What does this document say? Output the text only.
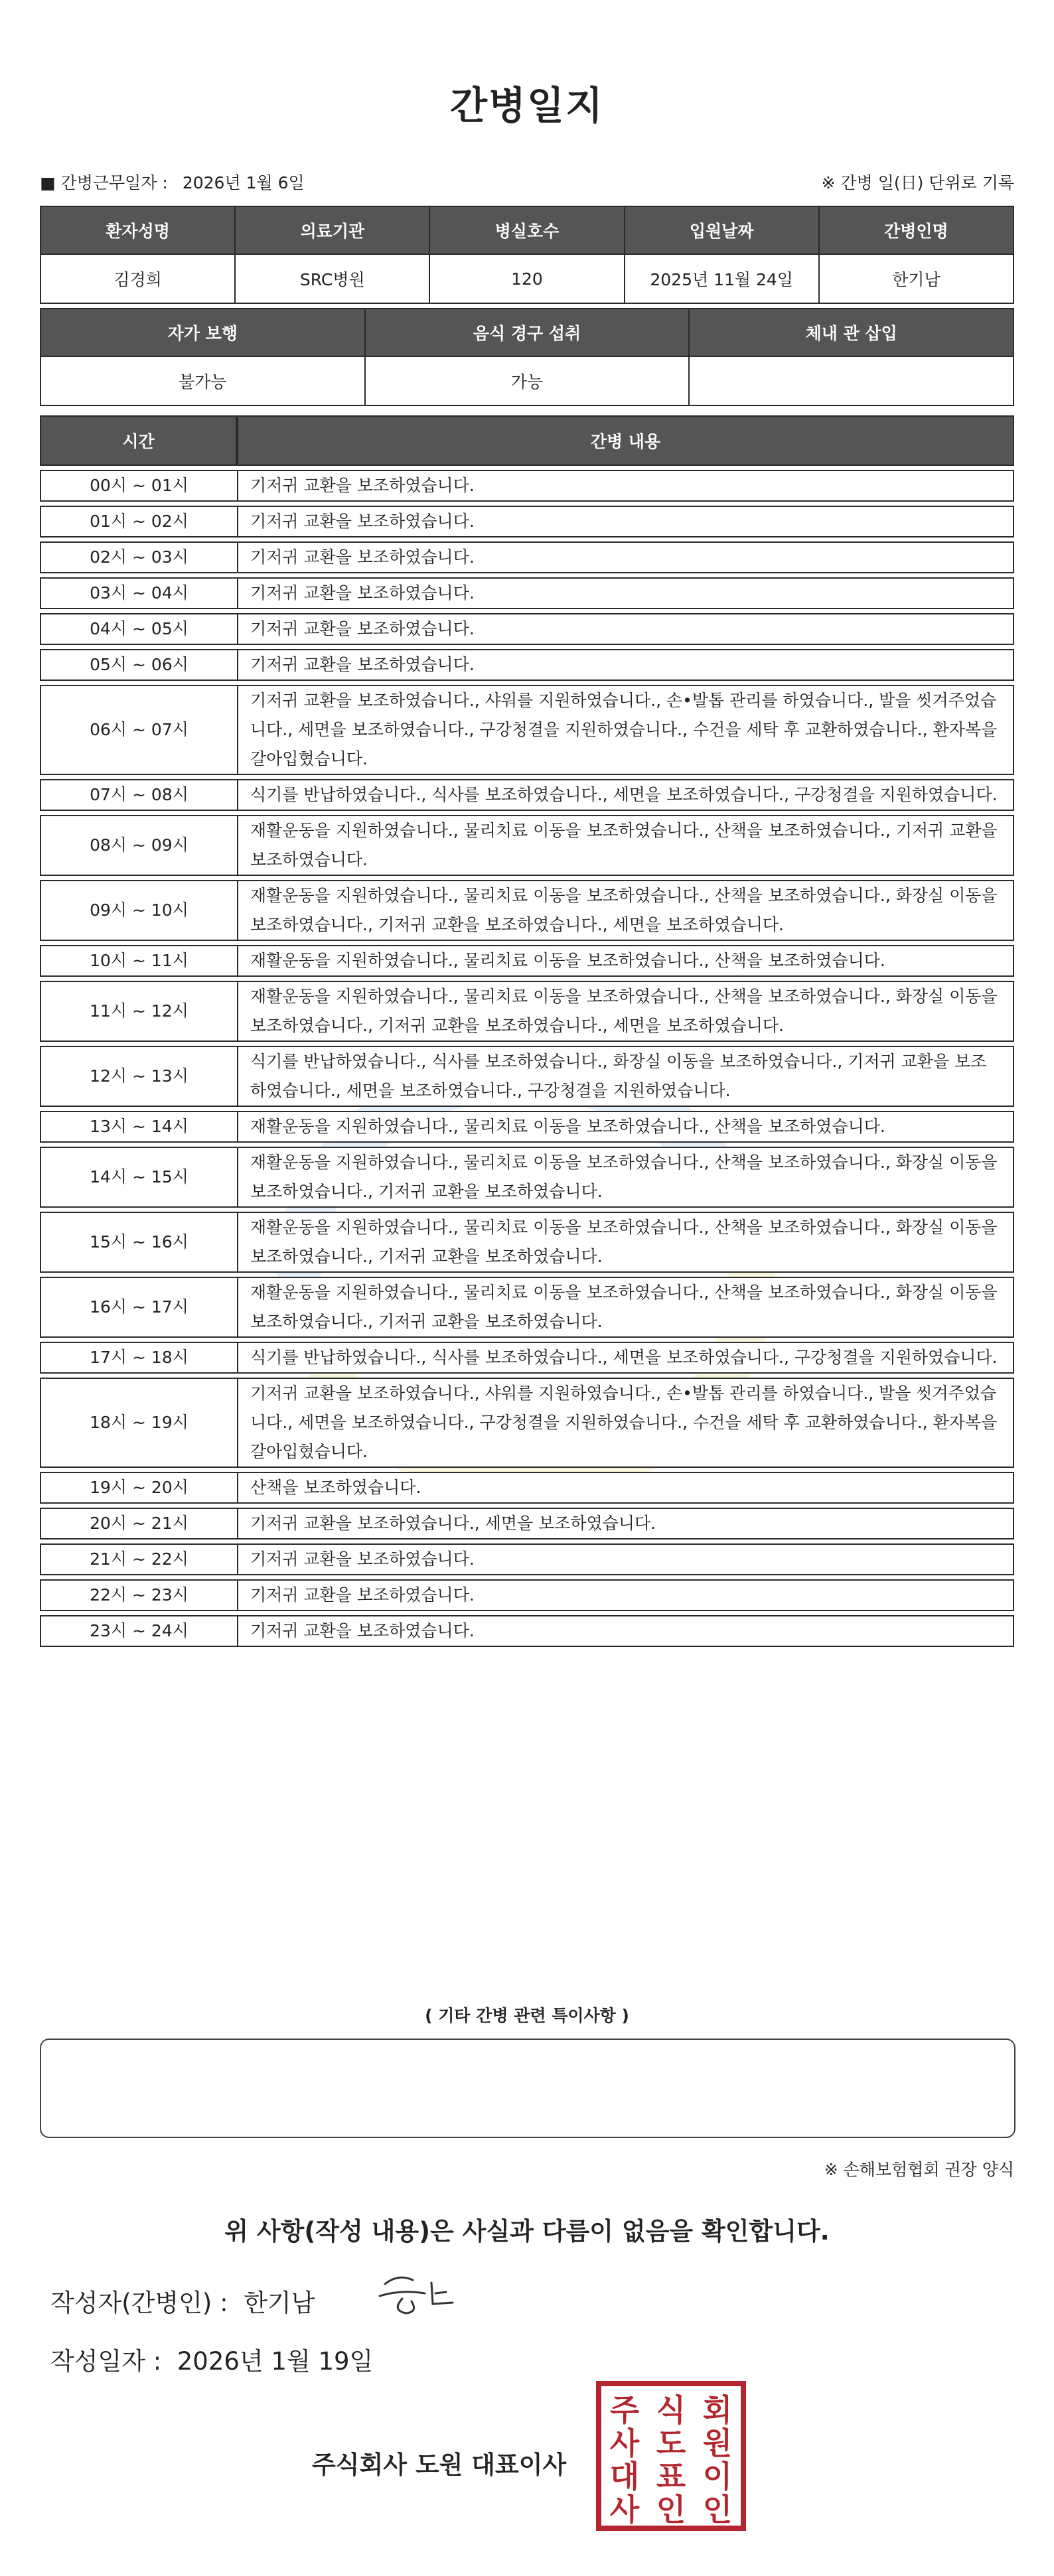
간병일지
■ 간병근무일자 : 2026년 1월 6일	※ 간병 일(日) 단위로 기록
환자성명	의료기관	병실호수	입원날짜	간병인명
김경희	SRC병원	120	2025년 11월 24일	한기남
자가 보행	음식 경구 섭취	체내 관 삽입
불가능	가능	
시간	간병 내용
00시 ~ 01시	기저귀 교환을 보조하였습니다.
01시 ~ 02시	기저귀 교환을 보조하였습니다.
02시 ~ 03시	기저귀 교환을 보조하였습니다.
03시 ~ 04시	기저귀 교환을 보조하였습니다.
04시 ~ 05시	기저귀 교환을 보조하였습니다.
05시 ~ 06시	기저귀 교환을 보조하였습니다.
06시 ~ 07시	기저귀 교환을 보조하였습니다., 샤워를 지원하였습니다., 손•발톱 관리를 하였습니다., 발을 씻겨주었습니다., 세면을 보조하였습니다., 구강청결을 지원하였습니다., 수건을 세탁 후 교환하였습니다., 환자복을 갈아입혔습니다.
07시 ~ 08시	식기를 반납하였습니다., 식사를 보조하였습니다., 세면을 보조하였습니다., 구강청결을 지원하였습니다.
08시 ~ 09시	재활운동을 지원하였습니다., 물리치료 이동을 보조하였습니다., 산책을 보조하였습니다., 기저귀 교환을 보조하였습니다.
09시 ~ 10시	재활운동을 지원하였습니다., 물리치료 이동을 보조하였습니다., 산책을 보조하였습니다., 화장실 이동을 보조하였습니다., 기저귀 교환을 보조하였습니다., 세면을 보조하였습니다.
10시 ~ 11시	재활운동을 지원하였습니다., 물리치료 이동을 보조하였습니다., 산책을 보조하였습니다.
11시 ~ 12시	재활운동을 지원하였습니다., 물리치료 이동을 보조하였습니다., 산책을 보조하였습니다., 화장실 이동을 보조하였습니다., 기저귀 교환을 보조하였습니다., 세면을 보조하였습니다.
12시 ~ 13시	식기를 반납하였습니다., 식사를 보조하였습니다., 화장실 이동을 보조하였습니다., 기저귀 교환을 보조하였습니다., 세면을 보조하였습니다., 구강청결을 지원하였습니다.
13시 ~ 14시	재활운동을 지원하였습니다., 물리치료 이동을 보조하였습니다., 산책을 보조하였습니다.
14시 ~ 15시	재활운동을 지원하였습니다., 물리치료 이동을 보조하였습니다., 산책을 보조하였습니다., 화장실 이동을 보조하였습니다., 기저귀 교환을 보조하였습니다.
15시 ~ 16시	재활운동을 지원하였습니다., 물리치료 이동을 보조하였습니다., 산책을 보조하였습니다., 화장실 이동을 보조하였습니다., 기저귀 교환을 보조하였습니다.
16시 ~ 17시	재활운동을 지원하였습니다., 물리치료 이동을 보조하였습니다., 산책을 보조하였습니다., 화장실 이동을 보조하였습니다., 기저귀 교환을 보조하였습니다.
17시 ~ 18시	식기를 반납하였습니다., 식사를 보조하였습니다., 세면을 보조하였습니다., 구강청결을 지원하였습니다.
18시 ~ 19시	기저귀 교환을 보조하였습니다., 샤워를 지원하였습니다., 손•발톱 관리를 하였습니다., 발을 씻겨주었습니다., 세면을 보조하였습니다., 구강청결을 지원하였습니다., 수건을 세탁 후 교환하였습니다., 환자복을 갈아입혔습니다.
19시 ~ 20시	산책을 보조하였습니다.
20시 ~ 21시	기저귀 교환을 보조하였습니다., 세면을 보조하였습니다.
21시 ~ 22시	기저귀 교환을 보조하였습니다.
22시 ~ 23시	기저귀 교환을 보조하였습니다.
23시 ~ 24시	기저귀 교환을 보조하였습니다.
( 기타 간병 관련 특이사항 )
※ 손해보험협회 권장 양식
위 사항(작성 내용)은 사실과 다름이 없음을 확인합니다.
작성자(간병인) : 한기남
작성일자 : 2026년 1월 19일
주식회사 도원 대표이사
주 식 회
사 도 원
대 표 이
사 인 인
